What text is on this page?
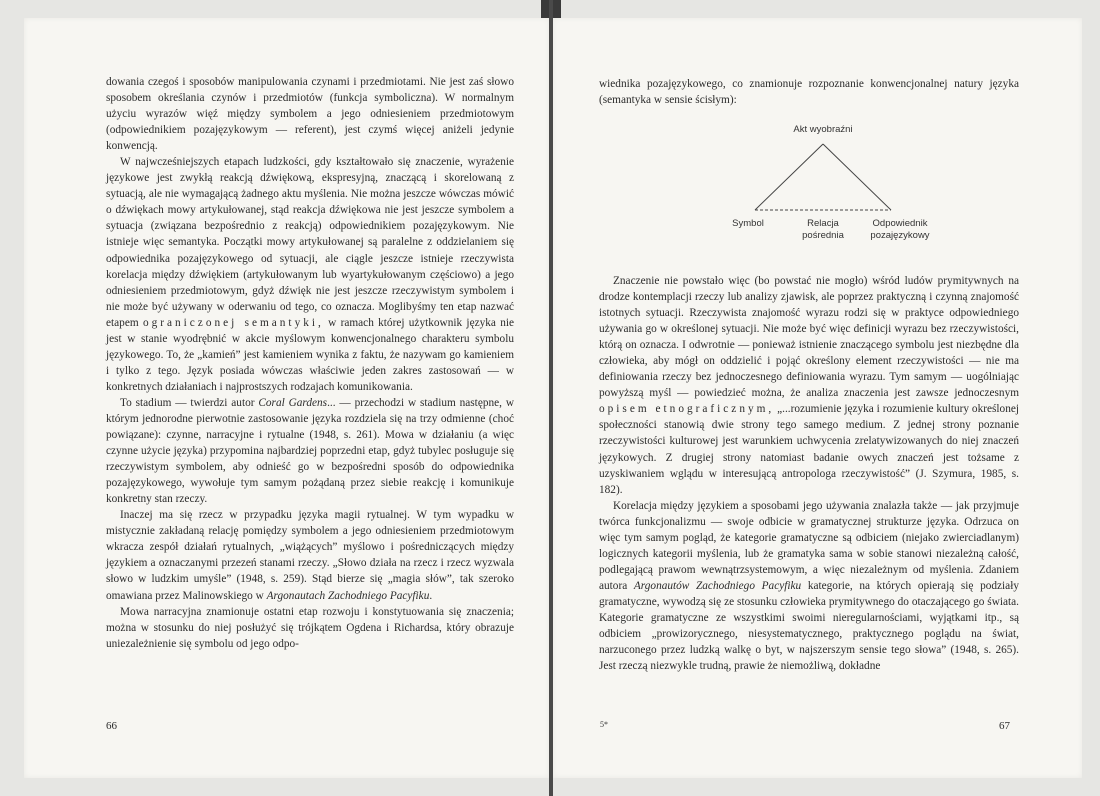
dowania czegoś i sposobów manipulowania czynami i przedmiotami. Nie jest zaś słowo sposobem określania czynów i przedmiotów (funkcja symboliczna). W normalnym użyciu wyrazów więź między symbolem a jego odniesieniem przedmiotowym (odpowiednikiem pozajęzykowym — referent), jest czymś więcej aniżeli jedynie konwencją.

W najwcześniejszych etapach ludzkości, gdy kształtowało się znaczenie, wyrażenie językowe jest zwykłą reakcją dźwiękową, ekspresyjną, znaczącą i skorelowaną z sytuacją, ale nie wymagającą żadnego aktu myślenia. Nie można jeszcze wówczas mówić o dźwiękach mowy artykułowanej, stąd reakcja dźwiękowa nie jest jeszcze symbolem a sytuacja (związana bezpośrednio z reakcją) odpowiednikiem pozajęzykowym. Nie istnieje więc semantyka. Początki mowy artykułowanej są paralelne z oddzielaniem się odpowiednika pozajęzykowego od sytuacji, ale ciągle jeszcze istnieje rzeczywista korelacja między dźwiękiem (artykułowanym lub wyartykułowanym częściowo) a jego odniesieniem przedmiotowym, gdyż dźwięk nie jest jeszcze rzeczywistym symbolem i nie może być używany w oderwaniu od tego, co oznacza. Moglibyśmy ten etap nazwać etapem ograniczonej semantyki, w ramach której użytkownik języka nie jest w stanie wyodrębnić w akcie myślowym konwencjonalnego charakteru symbolu językowego. To, że „kamień” jest kamieniem wynika z faktu, że nazywam go kamieniem i tylko z tego. Język posiada wówczas właściwie jeden zakres zastosowań — w konkretnych działaniach i najprostszych rodzajach komunikowania.

To stadium — twierdzi autor Coral Gardens... — przechodzi w stadium następne, w którym jednorodne pierwotnie zastosowanie języka rozdziela się na trzy odmienne (choć powiązane): czynne, narracyjne i rytualne (1948, s. 261). Mowa w działaniu (a więc czynne użycie języka) przypomina najbardziej poprzedni etap, gdyż tubylec posługuje się rzeczywistym symbolem, aby odnieść go w bezpośredni sposób do odpowiednika pozajęzykowego, wywołuje tym samym pożądaną przez siebie reakcję i komunikuje konkretny stan rzeczy.

Inaczej ma się rzecz w przypadku języka magii rytualnej. W tym wypadku w mistycznie zakładaną relację pomiędzy symbolem a jego odniesieniem przedmiotowym wkracza zespół działań rytualnych, „wiążących” myślowo i pośredniczących między językiem a oznaczanymi przezeń stanami rzeczy. „Słowo działa na rzecz i rzecz wyzwala słowo w ludzkim umyśle” (1948, s. 259). Stąd bierze się „magia słów”, tak szeroko omawiana przez Malinowskiego w Argonautach Zachodniego Pacyfiku.

Mowa narracyjna znamionuje ostatni etap rozwoju i konstytuowania się znaczenia; można w stosunku do niej posłużyć się trójkątem Ogdena i Richardsa, który obrazuje uniezależnienie się symbolu od jego odpo-

66

wiednika pozajęzykowego, co znamionuje rozpoznanie konwencjonalnej natury języka (semantyka w sensie ścisłym):

Akt wyobraźni
Symbol	Relacja
pośrednia
Odpowiednik
pozajęzykowy

Znaczenie nie powstało więc (bo powstać nie mogło) wśród ludów prymitywnych na drodze kontemplacji rzeczy lub analizy zjawisk, ale poprzez praktyczną i czynną znajomość istotnych sytuacji. Rzeczywista znajomość wyrazu rodzi się w praktyce odpowiedniego używania go w określonej sytuacji. Nie może być więc definicji wyrazu bez rzeczywistości, którą on oznacza. I odwrotnie — ponieważ istnienie znaczącego symbolu jest niezbędne dla człowieka, aby mógł on oddzielić i pojąć określony element rzeczywistości — nie ma definiowania rzeczy bez jednoczesnego definiowania wyrazu. Tym samym — uogólniając powyższą myśl — powiedzieć można, że analiza znaczenia jest zawsze jednoczesnym opisem etnograficznym, „...rozumienie języka i rozumienie kultury określonej społeczności stanowią dwie strony tego samego medium. Z jednej strony poznanie rzeczywistości kulturowej jest warunkiem uchwycenia zrelatywizowanych do niej znaczeń językowych. Z drugiej strony natomiast badanie owych znaczeń jest tożsame z uzyskiwaniem wglądu w interesującą antropologa rzeczywistość” (J. Szymura, 1985, s. 182).

Korelacja między językiem a sposobami jego używania znalazła także — jak przyjmuje twórca funkcjonalizmu — swoje odbicie w gramatycznej strukturze języka. Odrzuca on więc tym samym pogląd, że kategorie gramatyczne są odbiciem (niejako zwierciadlanym) logicznych kategorii myślenia, lub że gramatyka sama w sobie stanowi niezależną całość, podlegającą prawom wewnątrzsystemowym, a więc niezależnym od myślenia. Zdaniem autora Argonautów Zachodniego Pacyfiku kategorie, na których opierają się podziały gramatyczne, wywodzą się ze stosunku człowieka prymitywnego do otaczającego go świata. Kategorie gramatyczne ze wszystkimi swoimi nieregularnościami, wyjątkami itp., są odbiciem „prowizorycznego, niesystematycznego, praktycznego poglądu na świat, narzuconego przez ludzką walkę o byt, w najszerszym sensie tego słowa” (1948, s. 265). Jest rzeczą niezwykle trudną, prawie że niemożliwą, dokładne

5*	67
